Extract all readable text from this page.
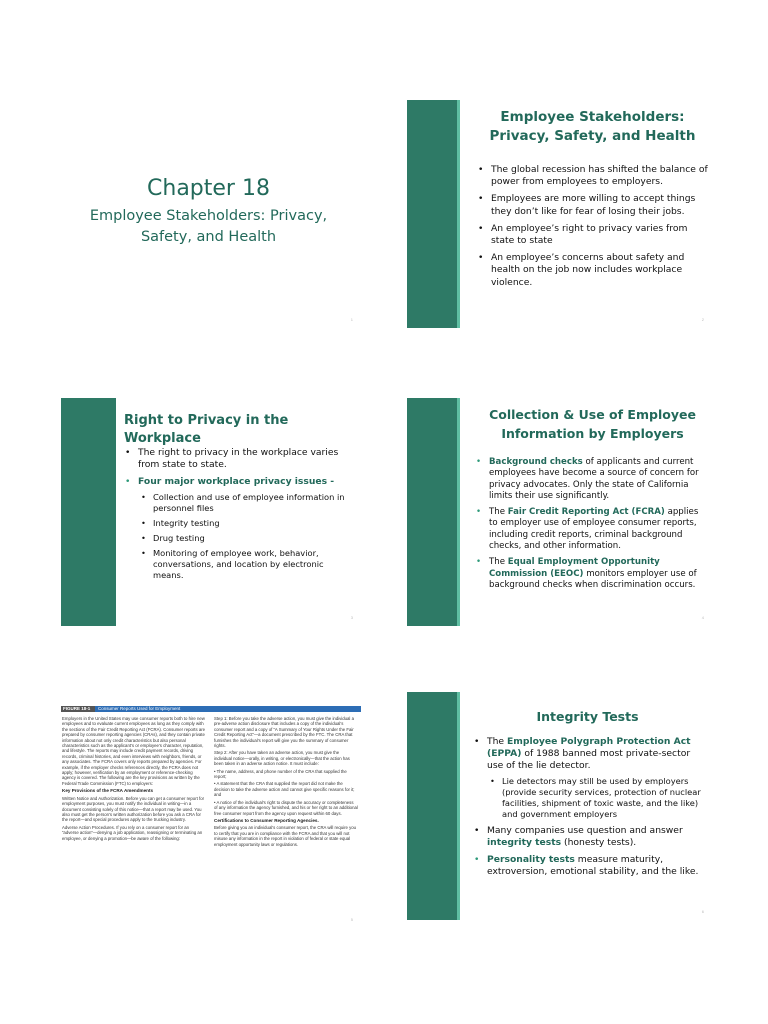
Chapter 18
Employee Stakeholders: Privacy, Safety, and Health
1
Employee Stakeholders: Privacy, Safety, and Health
• The global recession has shifted the balance of power from employees to employers.
• Employees are more willing to accept things they don’t like for fear of losing their jobs.
• An employee’s right to privacy varies from state to state
• An employee’s concerns about safety and health on the job now includes workplace violence.
2
Right to Privacy in the Workplace
• The right to privacy in the workplace varies from state to state.
• Four major workplace privacy issues -
• Collection and use of employee information in personnel files
• Integrity testing
• Drug testing
• Monitoring of employee work, behavior, conversations, and location by electronic means.
3
Collection & Use of Employee Information by Employers
• Background checks of applicants and current employees have become a source of concern for privacy advocates. Only the state of California limits their use significantly.
• The Fair Credit Reporting Act (FCRA) applies to employer use of employee consumer reports, including credit reports, criminal background checks, and other information.
• The Equal Employment Opportunity Commission (EEOC) monitors employer use of background checks when discrimination occurs.
4
FIGURE 18-1	Consumer Reports Used for Employment

Employers in the United States may use consumer reports both to hire new employees and to evaluate current employees as long as they comply with the sections of the Fair Credit Reporting Act (FCRA). Consumer reports are prepared by consumer reporting agencies (CRAs), and they contain private information about not only credit characteristics but also personal characteristics such as the applicant’s or employee’s character, reputation, and lifestyle. The reports may include credit payment records, driving records, criminal histories, and even interviews with neighbors, friends, or any associates. The FCRA covers only reports prepared by agencies. For example, if the employer checks references directly, the FCRA does not apply; however, verification by an employment or reference-checking agency is covered. The following are the key provisions as written by the Federal Trade Commission (FTC) to employers:

Key Provisions of the FCRA Amendments

Written Notice and Authorization. Before you can get a consumer report for employment purposes, you must notify the individual in writing—in a document consisting solely of this notice—that a report may be used. You also must get the person’s written authorization before you ask a CRA for the report—and special procedures apply to the trucking industry.

Adverse Action Procedures. If you rely on a consumer report for an “adverse action”—denying a job application, reassigning or terminating an employee, or denying a promotion—be aware of the following:

Step 1: Before you take the adverse action, you must give the individual a pre-adverse action disclosure that includes a copy of the individual’s consumer report and a copy of “A Summary of Your Rights Under the Fair Credit Reporting Act”—a document prescribed by the FTC. The CRA that furnishes the individual’s report will give you the summary of consumer rights.

Step 2: After you have taken an adverse action, you must give the individual notice—orally, in writing, or electronically—that the action has been taken in an adverse action notice. It must include:

• The name, address, and phone number of the CRA that supplied the report;

• A statement that the CRA that supplied the report did not make the decision to take the adverse action and cannot give specific reasons for it; and

• A notice of the individual’s right to dispute the accuracy or completeness of any information the agency furnished, and his or her right to an additional free consumer report from the agency upon request within 60 days.

Certifications to Consumer Reporting Agencies.

Before giving you an individual’s consumer report, the CRA will require you to certify that you are in compliance with the FCRA and that you will not misuse any information in the report in violation of federal or state equal employment opportunity laws or regulations.

5
Integrity Tests
• The Employee Polygraph Protection Act (EPPA) of 1988 banned most private-sector use of the lie detector.
• Lie detectors may still be used by employers (provide security services, protection of nuclear facilities, shipment of toxic waste, and the like) and government employers
• Many companies use question and answer integrity tests (honesty tests).
• Personality tests measure maturity, extroversion, emotional stability, and the like.
6
